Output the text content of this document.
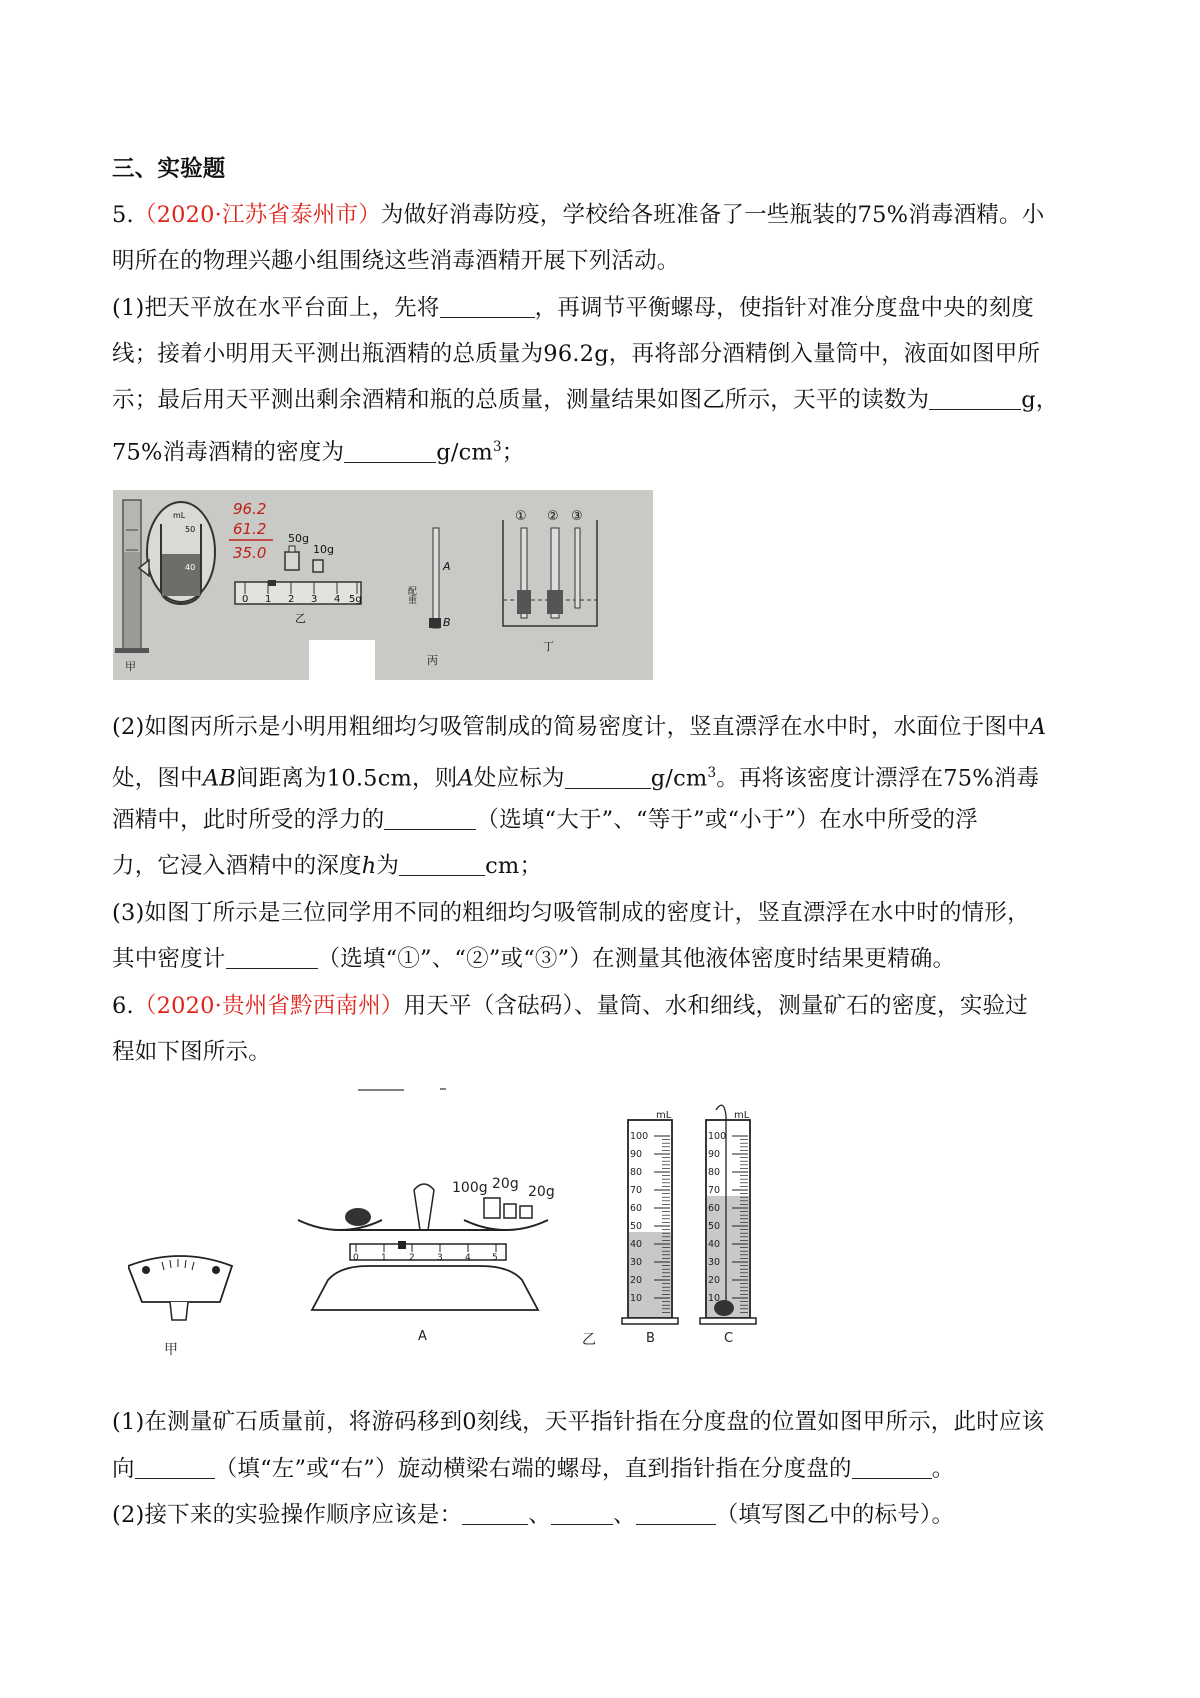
三、实验题
5.（2020·江苏省泰州市）为做好消毒防疫，学校给各班准备了一些瓶装的75%消毒酒精。小
明所在的物理兴趣小组围绕这些消毒酒精开展下列活动。
(1)把天平放在水平台面上，先将	，再调节平衡螺母，使指针对准分度盘中央的刻度
线；接着小明用天平测出瓶酒精的总质量为96.2g，再将部分酒精倒入量筒中，液面如图甲所
示；最后用天平测出剩余酒精和瓶的总质量，测量结果如图乙所示，天平的读数为	g，
75%消毒酒精的密度为	$g/cm^3$；
甲
mL
50
40
96.2
61.2
35.0
50g
10g
0 1 2 3 4 5g
乙
A
B
配重
丙
① ② ③
丁
(2)如图丙所示是小明用粗细均匀吸管制成的简易密度计，竖直漂浮在水中时，水面位于图中A
处，图中AB间距离为10.5cm，则A处应标为	$g/cm^3$。再将该密度计漂浮在75%消毒
酒精中，此时所受的浮力的	（选填“大于”、“等于”或“小于”）在水中所受的浮
力，它浸入酒精中的深度h为	cm；
(3)如图丁所示是三位同学用不同的粗细均匀吸管制成的密度计，竖直漂浮在水中时的情形，
其中密度计	（选填“①”、“②”或“③”）在测量其他液体密度时结果更精确。
6.（2020·贵州省黔西南州）用天平（含砝码）、量筒、水和细线，测量矿石的密度，实验过
程如下图所示。
甲
100g 20g 20g
0 1 2 3 4 5
A	乙
mL
100
90
80
70
60
50
40
30
20
10
B
mL
100
90
80
70
60
50
40
30
20
10
C
(1)在测量矿石质量前，将游码移到0刻线，天平指针指在分度盘的位置如图甲所示，此时应该
向	（填“左”或“右”）旋动横梁右端的螺母，直到指针指在分度盘的	。
(2)接下来的实验操作顺序应该是：	、	、	（填写图乙中的标号）。
